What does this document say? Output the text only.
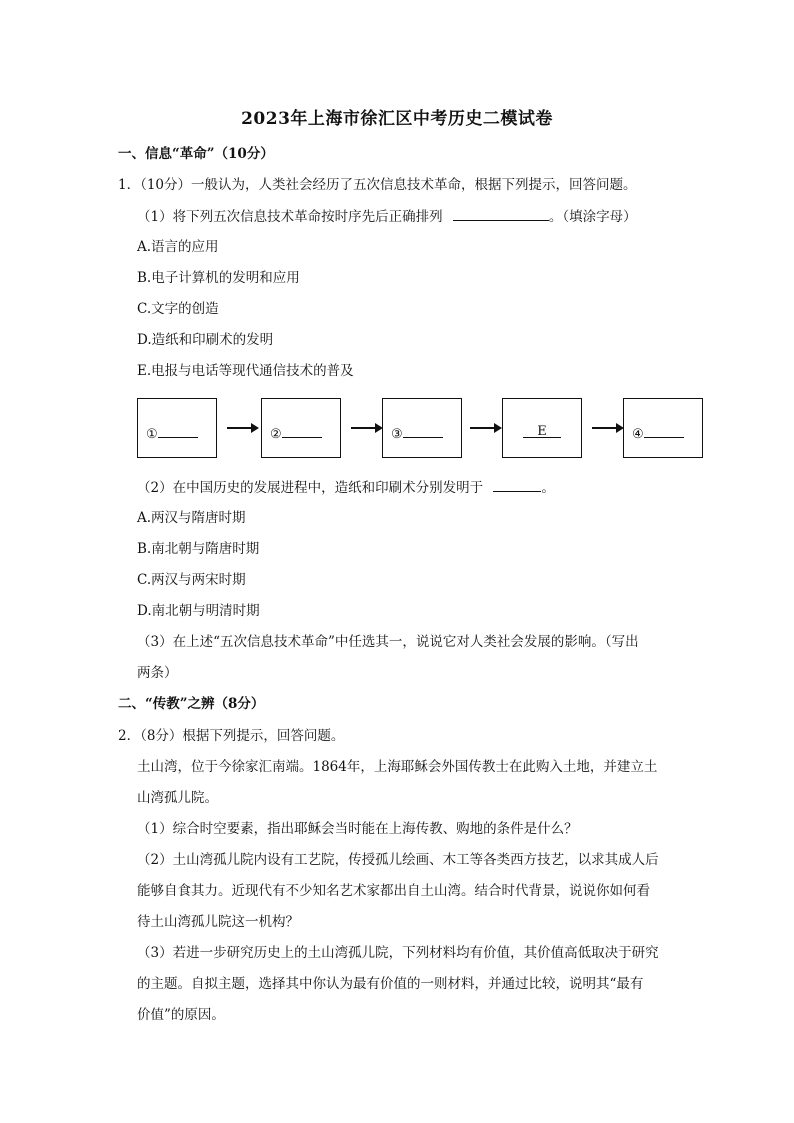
2023年上海市徐汇区中考历史二模试卷
一、信息“革命”（10分）
1．（10分）一般认为，人类社会经历了五次信息技术革命，根据下列提示，回答问题。
（1）将下列五次信息技术革命按时序先后正确排列	。（填涂字母）
A.语言的应用
B.电子计算机的发明和应用
C.文字的创造
D.造纸和印刷术的发明
E.电报与电话等现代通信技术的普及
①	②	③	E	④
（2）在中国历史的发展进程中，造纸和印刷术分别发明于	。
A.两汉与隋唐时期
B.南北朝与隋唐时期
C.两汉与两宋时期
D.南北朝与明清时期
（3）在上述“五次信息技术革命”中任选其一，说说它对人类社会发展的影响。（写出
两条）
二、“传教”之辨（8分）
2．（8分）根据下列提示，回答问题。
土山湾，位于今徐家汇南端。1864年，上海耶稣会外国传教士在此购入土地，并建立土
山湾孤儿院。
（1）综合时空要素，指出耶稣会当时能在上海传教、购地的条件是什么？
（2）土山湾孤儿院内设有工艺院，传授孤儿绘画、木工等各类西方技艺，以求其成人后
能够自食其力。近现代有不少知名艺术家都出自土山湾。结合时代背景，说说你如何看
待土山湾孤儿院这一机构？
（3）若进一步研究历史上的土山湾孤儿院，下列材料均有价值，其价值高低取决于研究
的主题。自拟主题，选择其中你认为最有价值的一则材料，并通过比较，说明其“最有
价值”的原因。
